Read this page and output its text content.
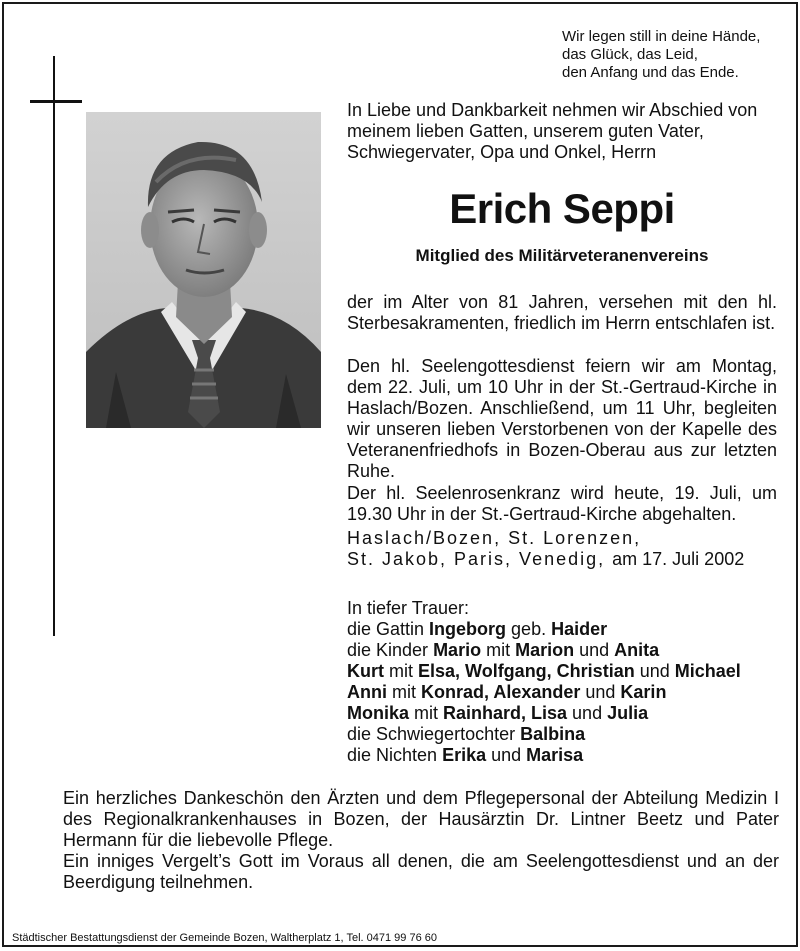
Wir legen still in deine Hände,
das Glück, das Leid,
den Anfang und das Ende.
In Liebe und Dankbarkeit nehmen wir Abschied von meinem lieben Gatten, unserem guten Vater, Schwiegervater, Opa und Onkel, Herrn
Erich Seppi
Mitglied des Militärveteranenvereins
der im Alter von 81 Jahren, versehen mit den hl. Sterbesakramenten, friedlich im Herrn entschlafen ist.
Den hl. Seelengottesdienst feiern wir am Montag, dem 22. Juli, um 10 Uhr in der St.-Gertraud-Kirche in Haslach/Bozen. Anschließend, um 11 Uhr, begleiten wir unseren lieben Verstorbenen von der Kapelle des Veteranenfriedhofs in Bozen-Oberau aus zur letzten Ruhe.
Der hl. Seelenrosenkranz wird heute, 19. Juli, um 19.30 Uhr in der St.-Gertraud-Kirche abgehalten.
Haslach/Bozen, St. Lorenzen,
St. Jakob, Paris, Venedig, am 17. Juli 2002
In tiefer Trauer:
die Gattin Ingeborg geb. Haider
die Kinder Mario mit Marion und Anita
Kurt mit Elsa, Wolfgang, Christian und Michael
Anni mit Konrad, Alexander und Karin
Monika mit Rainhard, Lisa und Julia
die Schwiegertochter Balbina
die Nichten Erika und Marisa
Ein herzliches Dankeschön den Ärzten und dem Pflegepersonal der Abteilung Medizin I des Regionalkrankenhauses in Bozen, der Hausärztin Dr. Lintner Beetz und Pater Hermann für die liebevolle Pflege.
Ein inniges Vergelt’s Gott im Voraus all denen, die am Seelengottesdienst und an der Beerdigung teilnehmen.
Städtischer Bestattungsdienst der Gemeinde Bozen, Waltherplatz 1, Tel. 0471 99 76 60
